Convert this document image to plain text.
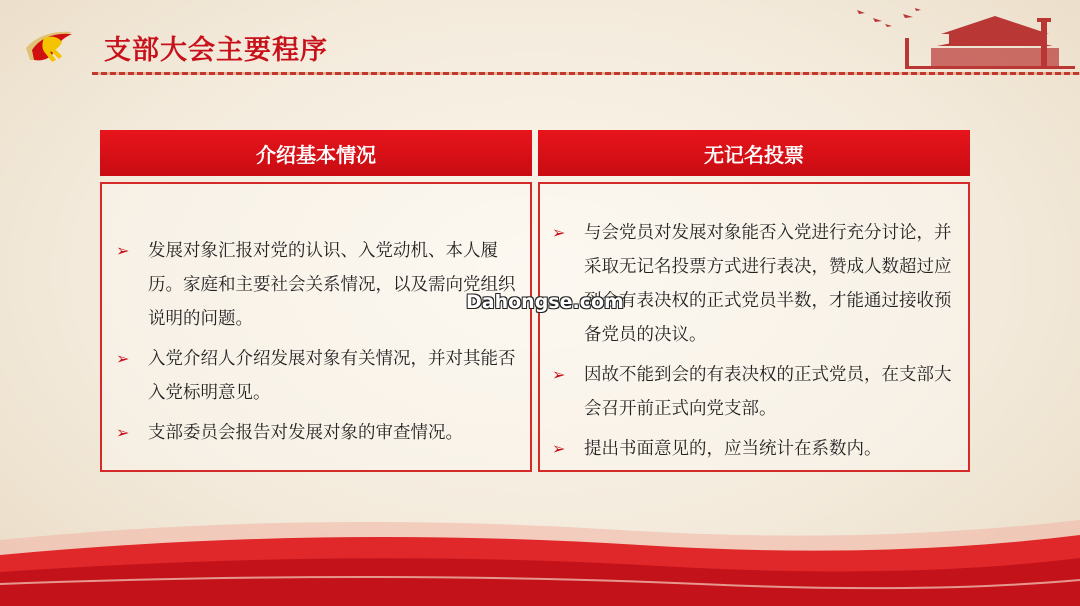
支部大会主要程序
介绍基本情况	无记名投票
➢ 发展对象汇报对党的认识、入党动机、本人履历。家庭和主要社会关系情况，以及需向党组织说明的问题。
➢ 入党介绍人介绍发展对象有关情况，并对其能否入党标明意见。
➢ 支部委员会报告对发展对象的审查情况。
➢ 与会党员对发展对象能否入党进行充分讨论，并采取无记名投票方式进行表决，赞成人数超过应到会有表决权的正式党员半数，才能通过接收预备党员的决议。
➢ 因故不能到会的有表决权的正式党员，在支部大会召开前正式向党支部。
➢ 提出书面意见的，应当统计在系数内。
Dahongse.com
